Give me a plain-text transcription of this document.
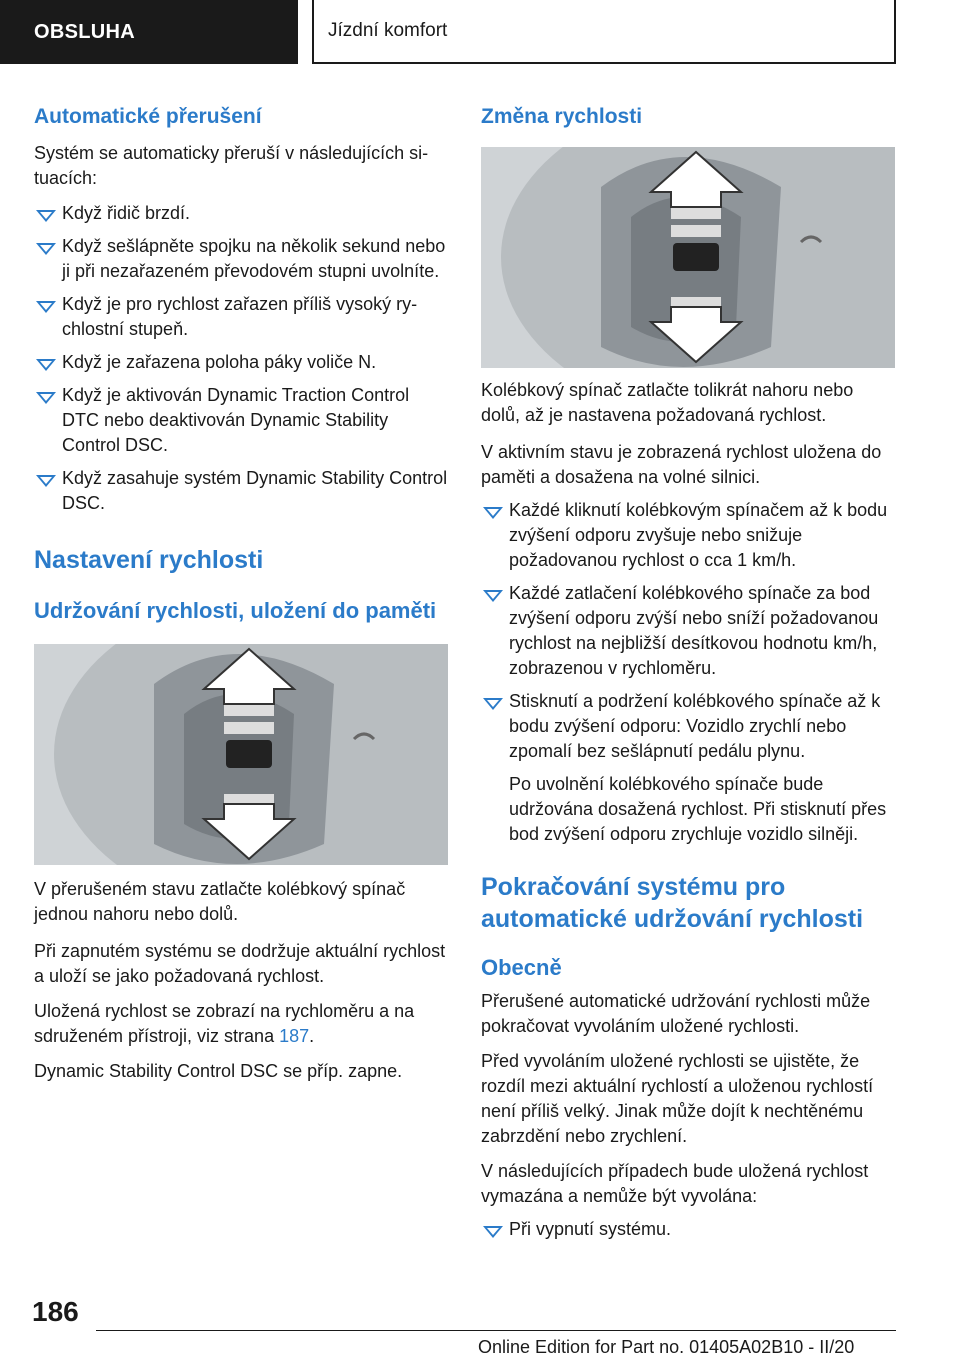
OBSLUHA	Jízdní komfort
Automatické přerušení

Systém se automaticky přeruší v následujících situacích:

Když řidič brzdí.
Když sešlápněte spojku na několik sekund nebo ji při nezařazeném převodovém stupni uvolníte.
Když je pro rychlost zařazen příliš vysoký rychlostní stupeň.
Když je zařazena poloha páky voliče N.
Když je aktivován Dynamic Traction Control DTC nebo deaktivován Dynamic Stability Control DSC.
Když zasahuje systém Dynamic Stability Control DSC.
Nastavení rychlosti
Udržování rychlosti, uložení do paměti

V přerušeném stavu zatlačte kolébkový spínač jednou nahoru nebo dolů.

Při zapnutém systému se dodržuje aktuální rychlost a uloží se jako požadovaná rychlost.

Uložená rychlost se zobrazí na rychloměru a na sdruženém přístroji, viz strana 187.

Dynamic Stability Control DSC se příp. zapne.

Změna rychlosti

Kolébkový spínač zatlačte tolikrát nahoru nebo dolů, až je nastavena požadovaná rychlost.

V aktivním stavu je zobrazená rychlost uložena do paměti a dosažena na volné silnici.

Každé kliknutí kolébkovým spínačem až k bodu zvýšení odporu zvyšuje nebo snižuje požadovanou rychlost o cca 1 km/h.
Každé zatlačení kolébkového spínače za bod zvýšení odporu zvýší nebo sníží požadovanou rychlost na nejbližší desítkovou hodnotu km/h, zobrazenou v rychloměru.
Stisknutí a podržení kolébkového spínače až k bodu zvýšení odporu: Vozidlo zrychlí nebo zpomalí bez sešlápnutí pedálu plynu.
Po uvolnění kolébkového spínače bude udržována dosažená rychlost. Při stisknutí přes bod zvýšení odporu zrychluje vozidlo silněji.
Pokračování systému pro automatické udržování rychlosti
Obecně

Přerušené automatické udržování rychlosti může pokračovat vyvoláním uložené rychlosti.

Před vyvoláním uložené rychlosti se ujistěte, že rozdíl mezi aktuální rychlostí a uloženou rychlostí není příliš velký. Jinak může dojít k nechtěnému zabrzdění nebo zrychlení.

V následujících případech bude uložená rychlost vymazána a nemůže být vyvolána:

Při vypnutí systému.
186
Online Edition for Part no. 01405A02B10 - II/20
